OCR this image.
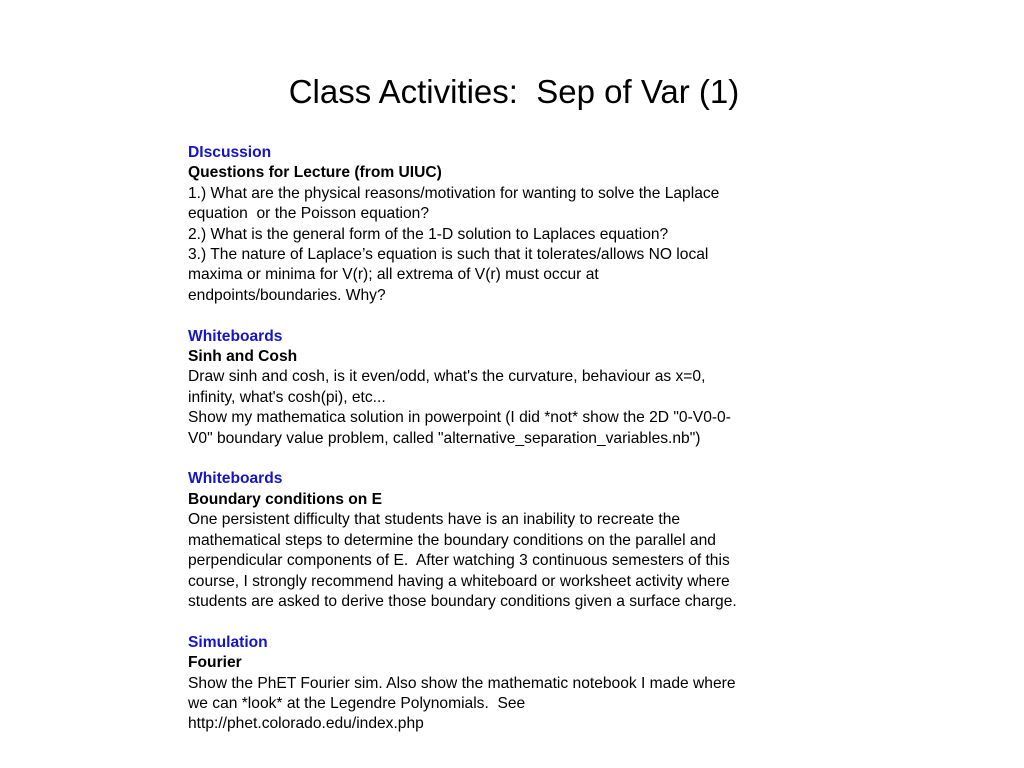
Class Activities:  Sep of Var (1)
DIscussion
Questions for Lecture (from UIUC)
1.) What are the physical reasons/motivation for wanting to solve the Laplace
equation  or the Poisson equation?
2.) What is the general form of the 1-D solution to Laplaces equation?
3.) The nature of Laplace’s equation is such that it tolerates/allows NO local
maxima or minima for V(r); all extrema of V(r) must occur at
endpoints/boundaries. Why?
Whiteboards
Sinh and Cosh
Draw sinh and cosh, is it even/odd, what's the curvature, behaviour as x=0,
infinity, what's cosh(pi), etc...
Show my mathematica solution in powerpoint (I did *not* show the 2D "0-V0-0-
V0" boundary value problem, called "alternative_separation_variables.nb")
Whiteboards
Boundary conditions on E
One persistent difficulty that students have is an inability to recreate the
mathematical steps to determine the boundary conditions on the parallel and
perpendicular components of E.  After watching 3 continuous semesters of this
course, I strongly recommend having a whiteboard or worksheet activity where
students are asked to derive those boundary conditions given a surface charge.
Simulation
Fourier
Show the PhET Fourier sim. Also show the mathematic notebook I made where
we can *look* at the Legendre Polynomials.  See
http://phet.colorado.edu/index.php
